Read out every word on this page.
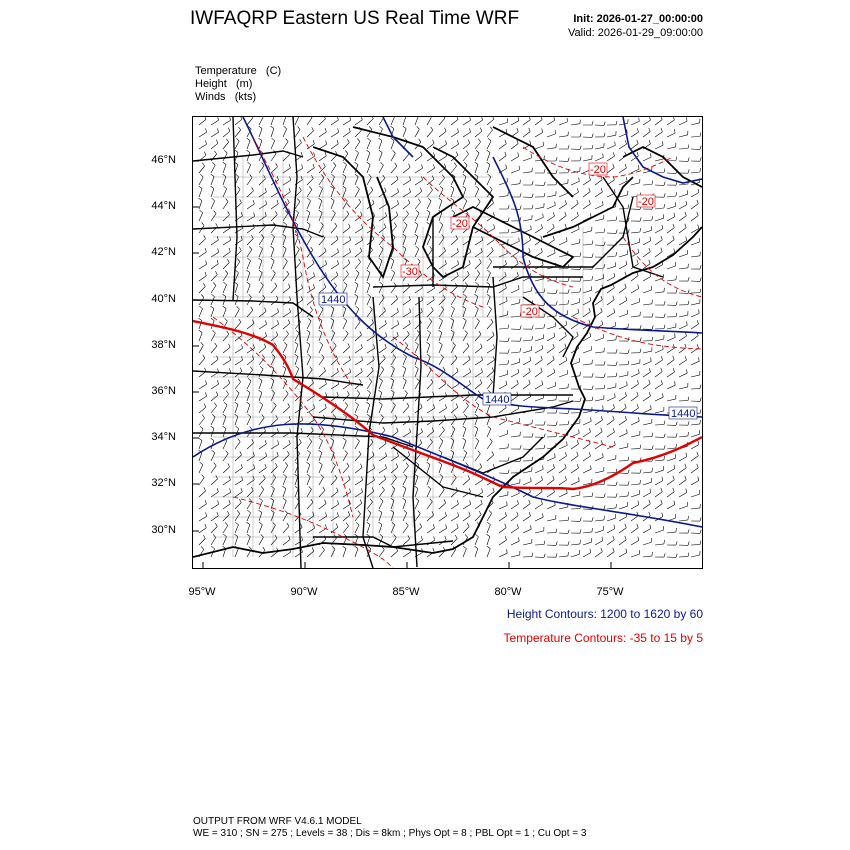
IWFAQRP Eastern US Real Time WRF	Init: 2026-01-27_00:00:00
Valid: 2026-01-29_09:00:00
Temperature   (C)
Height   (m)
Winds   (kts)
46°N
44°N
42°N
40°N
38°N
36°N
34°N
32°N
30°N
95°W	90°W	85°W	80°W	75°W
1440
1440
1440
-20
-20
-30
-20
-20
Height Contours: 1200 to 1620 by 60
Temperature Contours: -35 to 15 by 5
OUTPUT FROM WRF V4.6.1 MODEL
WE = 310 ; SN = 275 ; Levels = 38 ; Dis = 8km ; Phys Opt = 8 ; PBL Opt = 1 ; Cu Opt = 3
